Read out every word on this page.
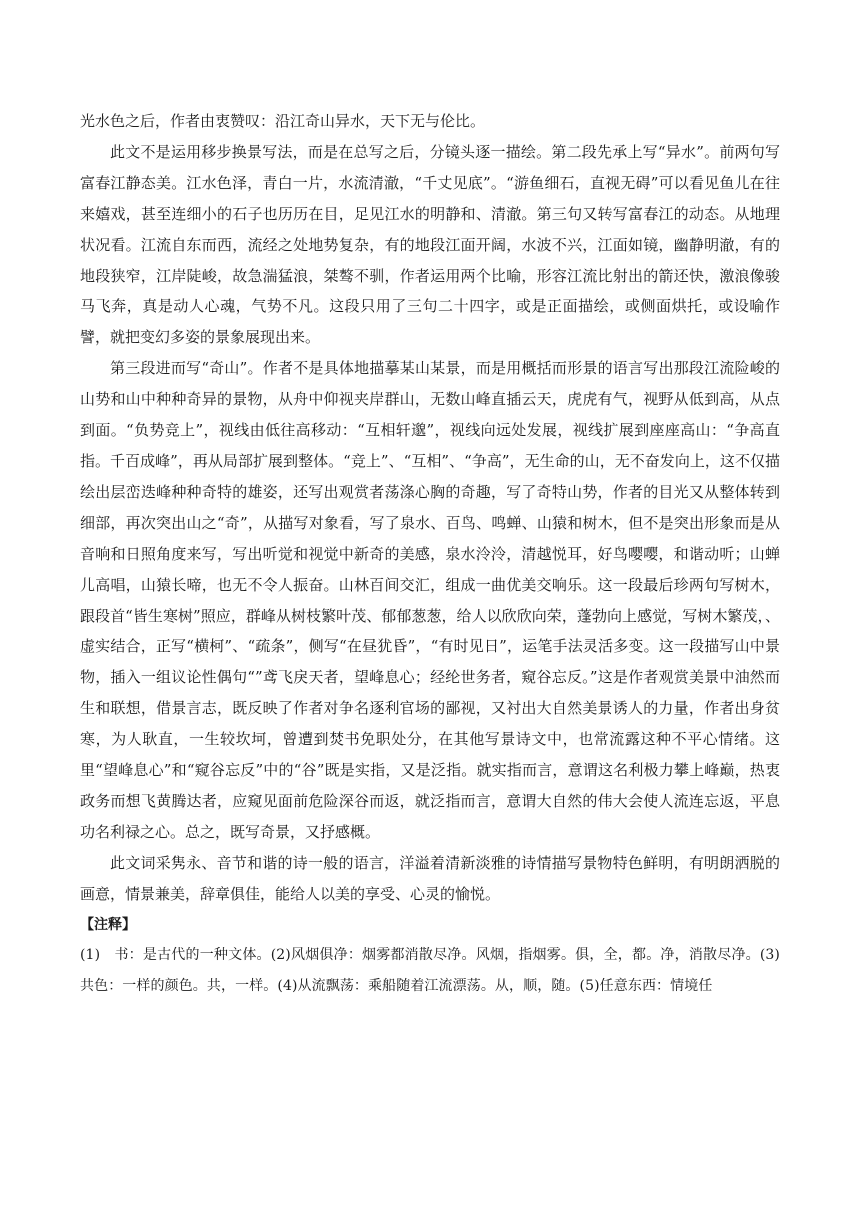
光水色之后，作者由衷赞叹：沿江奇山异水，天下无与伦比。

此文不是运用移步换景写法，而是在总写之后，分镜头逐一描绘。第二段先承上写“异水”。前两句写富春江静态美。江水色泽，青白一片，水流清澈，“千丈见底”。“游鱼细石，直视无碍”可以看见鱼儿在往来嬉戏，甚至连细小的石子也历历在目，足见江水的明静和、清澈。第三句又转写富春江的动态。从地理状况看。江流自东而西，流经之处地势复杂，有的地段江面开阔，水波不兴，江面如镜，幽静明澈，有的地段狭窄，江岸陡峻，故急湍猛浪，桀骜不驯，作者运用两个比喻，形容江流比射出的箭还快，激浪像骏马飞奔，真是动人心魂，气势不凡。这段只用了三句二十四字，或是正面描绘，或侧面烘托，或设喻作譬，就把变幻多姿的景象展现出来。

第三段进而写“奇山”。作者不是具体地描摹某山某景，而是用概括而形景的语言写出那段江流险峻的山势和山中种种奇异的景物，从舟中仰视夹岸群山，无数山峰直插云天，虎虎有气，视野从低到高，从点到面。“负势竞上”，视线由低往高移动：“互相轩邈”，视线向远处发展，视线扩展到座座高山：“争高直指。千百成峰”，再从局部扩展到整体。“竞上”、“互相”、“争高”，无生命的山，无不奋发向上，这不仅描绘出层峦迭峰种种奇特的雄姿，还写出观赏者荡涤心胸的奇趣，写了奇特山势，作者的目光又从整体转到细部，再次突出山之“奇”，从描写对象看，写了泉水、百鸟、鸣蝉、山猿和树木，但不是突出形象而是从音响和日照角度来写，写出听觉和视觉中新奇的美感，泉水泠泠，清越悦耳，好鸟嘤嘤，和谐动听；山蝉儿高唱，山猿长啼，也无不令人振奋。山林百间交汇，组成一曲优美交响乐。这一段最后珍两句写树木，跟段首“皆生寒树”照应，群峰从树枝繁叶茂、郁郁葱葱，给人以欣欣向荣，蓬勃向上感觉，写树木繁茂，、虚实结合，正写“横柯”、“疏条”，侧写“在昼犹昏”，“有时见日”，运笔手法灵活多变。这一段描写山中景物，插入一组议论性偶句“”鸢飞戾天者，望峰息心；经纶世务者，窥谷忘反。”这是作者观赏美景中油然而生和联想，借景言志，既反映了作者对争名逐利官场的鄙视，又衬出大自然美景诱人的力量，作者出身贫寒，为人耿直，一生较坎坷，曾遭到焚书免职处分，在其他写景诗文中，也常流露这种不平心情绪。这里“望峰息心”和“窥谷忘反”中的“谷”既是实指，又是泛指。就实指而言，意谓这名利极力攀上峰巅，热衷政务而想飞黄腾达者，应窥见面前危险深谷而返，就泛指而言，意谓大自然的伟大会使人流连忘返，平息功名利禄之心。总之，既写奇景，又抒感概。

此文词采隽永、音节和谐的诗一般的语言，洋溢着清新淡雅的诗情描写景物特色鲜明，有明朗洒脱的画意，情景兼美，辞章俱佳，能给人以美的享受、心灵的愉悦。

【注释】

(1)　书：是古代的一种文体。(2)风烟俱净：烟雾都消散尽净。风烟，指烟雾。俱，全，都。净，消散尽净。(3)共色：一样的颜色。共，一样。(4)从流飘荡：乘船随着江流漂荡。从，顺，随。(5)任意东西：情境任
